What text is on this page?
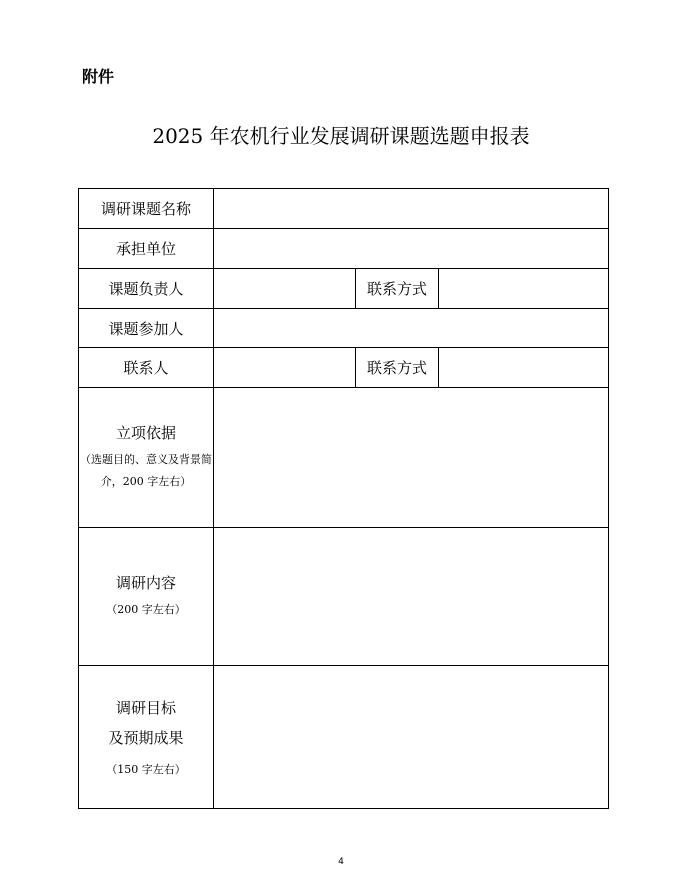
附件
2025 年农机行业发展调研课题选题申报表
调研课题名称			
承担单位			
课题负责人		联系方式	
课题参加人			
联系人		联系方式	

立项依据
（选题目的、意义及背景简介，200 字左右）			

调研内容
（200 字左右）			

调研目标
及预期成果
（150 字左右）			

4
